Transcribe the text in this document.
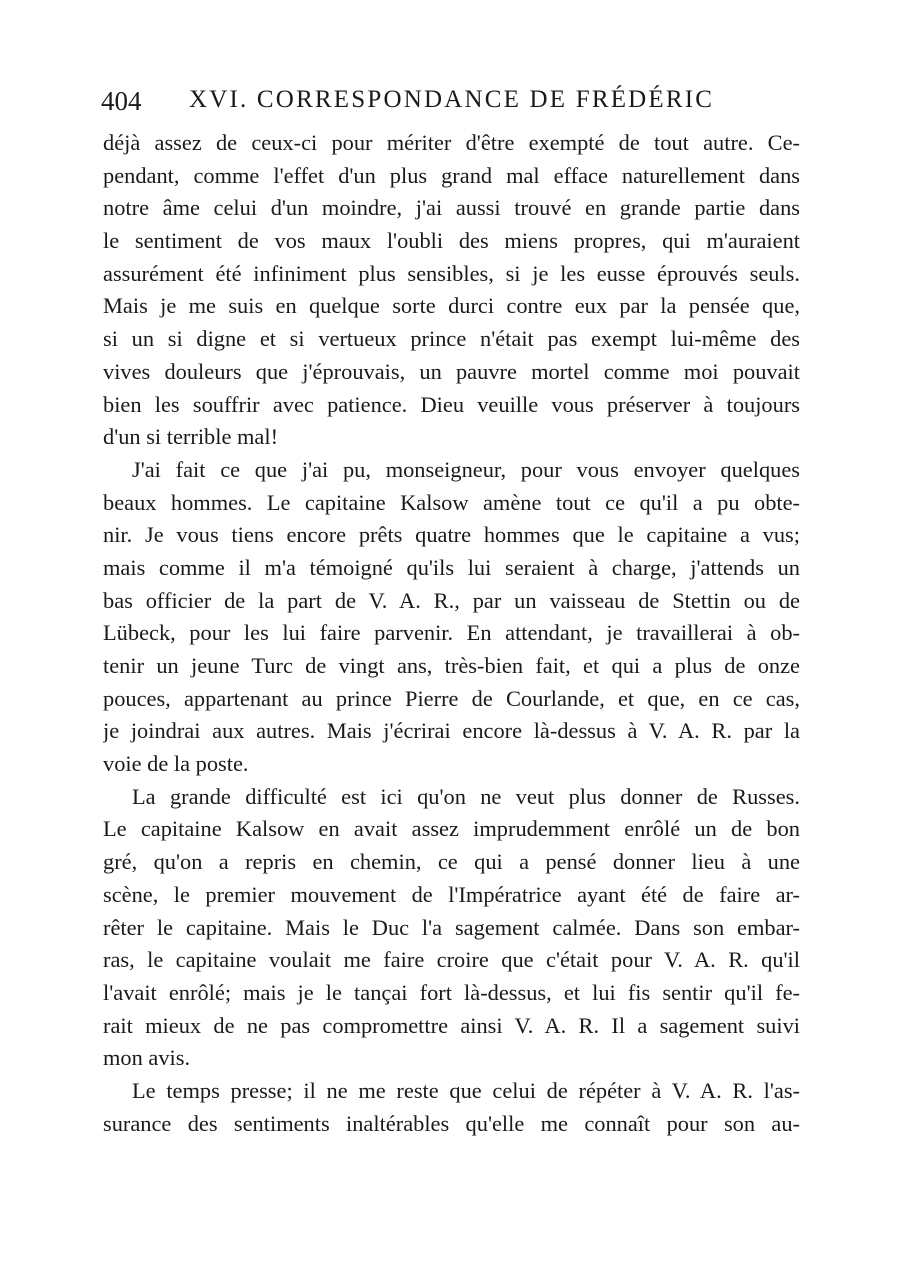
404 XVI. CORRESPONDANCE DE FRÉDÉRIC
déjà assez de ceux-ci pour mériter d'être exempté de tout autre. Ce-
pendant, comme l'effet d'un plus grand mal efface naturellement dans
notre âme celui d'un moindre, j'ai aussi trouvé en grande partie dans
le sentiment de vos maux l'oubli des miens propres, qui m'auraient
assurément été infiniment plus sensibles, si je les eusse éprouvés seuls.
Mais je me suis en quelque sorte durci contre eux par la pensée que,
si un si digne et si vertueux prince n'était pas exempt lui-même des
vives douleurs que j'éprouvais, un pauvre mortel comme moi pouvait
bien les souffrir avec patience. Dieu veuille vous préserver à toujours
d'un si terrible mal!
J'ai fait ce que j'ai pu, monseigneur, pour vous envoyer quelques
beaux hommes. Le capitaine Kalsow amène tout ce qu'il a pu obte-
nir. Je vous tiens encore prêts quatre hommes que le capitaine a vus;
mais comme il m'a témoigné qu'ils lui seraient à charge, j'attends un
bas officier de la part de V. A. R., par un vaisseau de Stettin ou de
Lübeck, pour les lui faire parvenir. En attendant, je travaillerai à ob-
tenir un jeune Turc de vingt ans, très-bien fait, et qui a plus de onze
pouces, appartenant au prince Pierre de Courlande, et que, en ce cas,
je joindrai aux autres. Mais j'écrirai encore là-dessus à V. A. R. par la
voie de la poste.
La grande difficulté est ici qu'on ne veut plus donner de Russes.
Le capitaine Kalsow en avait assez imprudemment enrôlé un de bon
gré, qu'on a repris en chemin, ce qui a pensé donner lieu à une
scène, le premier mouvement de l'Impératrice ayant été de faire ar-
rêter le capitaine. Mais le Duc l'a sagement calmée. Dans son embar-
ras, le capitaine voulait me faire croire que c'était pour V. A. R. qu'il
l'avait enrôlé; mais je le tançai fort là-dessus, et lui fis sentir qu'il fe-
rait mieux de ne pas compromettre ainsi V. A. R. Il a sagement suivi
mon avis.
Le temps presse; il ne me reste que celui de répéter à V. A. R. l'as-
surance des sentiments inaltérables qu'elle me connaît pour son au-
